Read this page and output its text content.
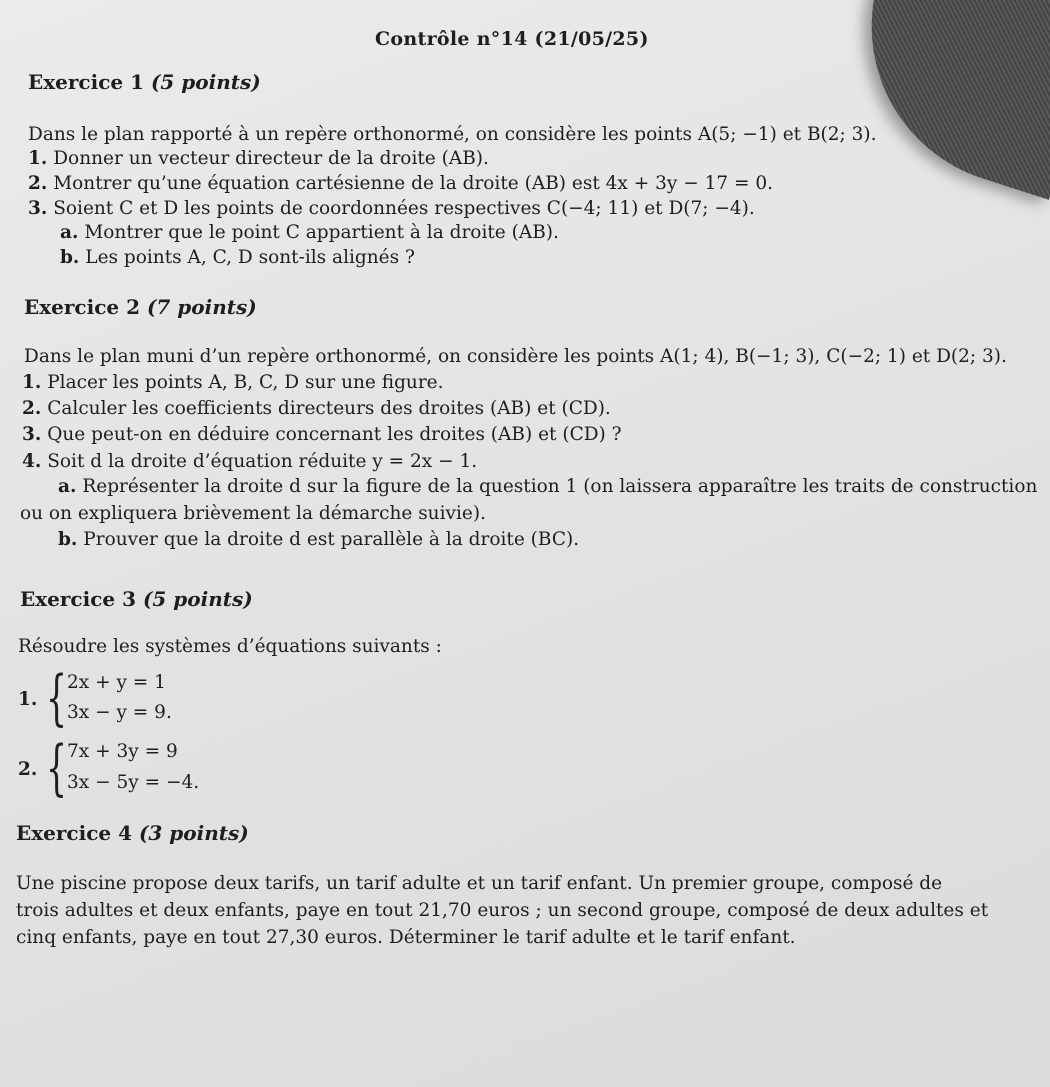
Contrôle n°14 (21/05/25)
Exercice 1 (5 points)
Dans le plan rapporté à un repère orthonormé, on considère les points A(5; −1) et B(2; 3).
1. Donner un vecteur directeur de la droite (AB).
2. Montrer qu’une équation cartésienne de la droite (AB) est 4x + 3y − 17 = 0.
3. Soient C et D les points de coordonnées respectives C(−4; 11) et D(7; −4).
a. Montrer que le point C appartient à la droite (AB).
b. Les points A, C, D sont-ils alignés ?
Exercice 2 (7 points)
Dans le plan muni d’un repère orthonormé, on considère les points A(1; 4), B(−1; 3), C(−2; 1) et D(2; 3).
1. Placer les points A, B, C, D sur une figure.
2. Calculer les coefficients directeurs des droites (AB) et (CD).
3. Que peut-on en déduire concernant les droites (AB) et (CD) ?
4. Soit d la droite d’équation réduite y = 2x − 1.
a. Représenter la droite d sur la figure de la question 1 (on laissera apparaître les traits de construction
ou on expliquera brièvement la démarche suivie).
b. Prouver que la droite d est parallèle à la droite (BC).
Exercice 3 (5 points)
Résoudre les systèmes d’équations suivants :
1. { 2x + y = 1
3x − y = 9.
2. { 7x + 3y = 9
3x − 5y = −4.
Exercice 4 (3 points)
Une piscine propose deux tarifs, un tarif adulte et un tarif enfant. Un premier groupe, composé de
trois adultes et deux enfants, paye en tout 21,70 euros ; un second groupe, composé de deux adultes et
cinq enfants, paye en tout 27,30 euros. Déterminer le tarif adulte et le tarif enfant.
